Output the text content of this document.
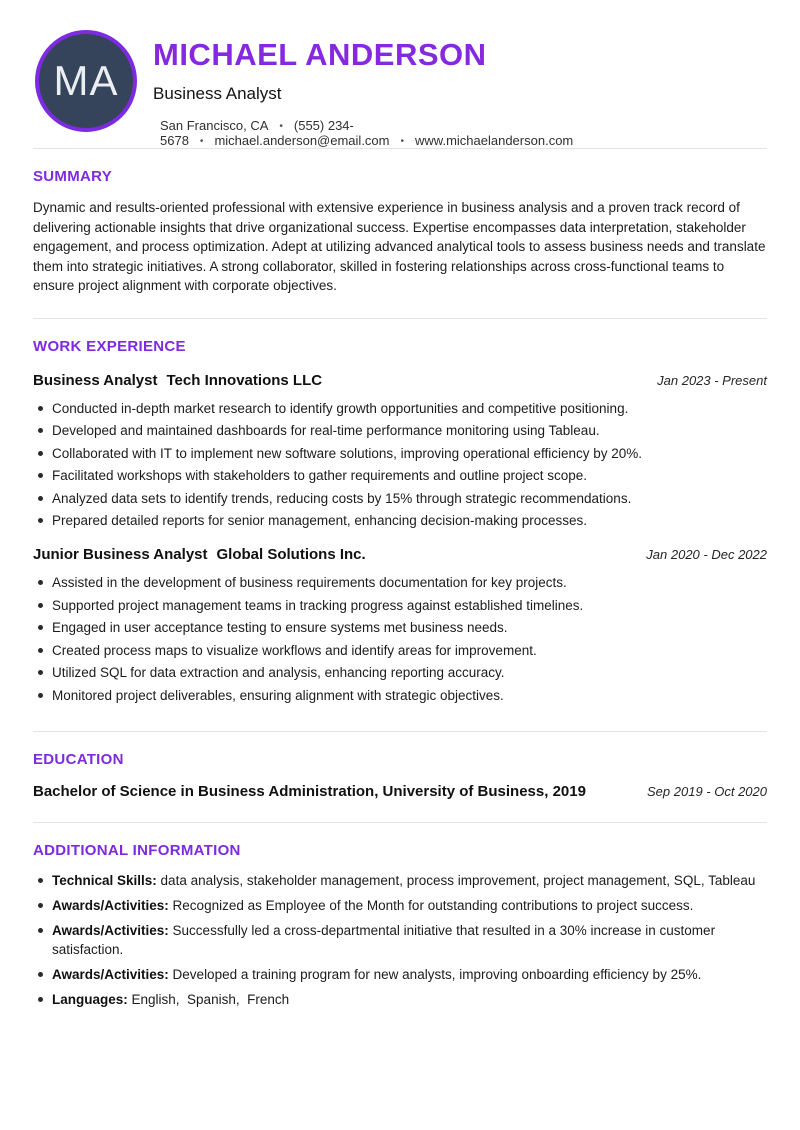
MA
MICHAEL ANDERSON
Business Analyst
San Francisco, CA • (555) 234-5678 • michael.anderson@email.com • www.michaelanderson.com
SUMMARY

Dynamic and results-oriented professional with extensive experience in business analysis and a proven track record of delivering actionable insights that drive organizational success. Expertise encompasses data interpretation, stakeholder engagement, and process optimization. Adept at utilizing advanced analytical tools to assess business needs and translate them into strategic initiatives. A strong collaborator, skilled in fostering relationships across cross-functional teams to ensure project alignment with corporate objectives.

WORK EXPERIENCE
Business Analyst Tech Innovations LLC	Jan 2023 - Present
Conducted in-depth market research to identify growth opportunities and competitive positioning.
Developed and maintained dashboards for real-time performance monitoring using Tableau.
Collaborated with IT to implement new software solutions, improving operational efficiency by 20%.
Facilitated workshops with stakeholders to gather requirements and outline project scope.
Analyzed data sets to identify trends, reducing costs by 15% through strategic recommendations.
Prepared detailed reports for senior management, enhancing decision-making processes.
Junior Business Analyst Global Solutions Inc.	Jan 2020 - Dec 2022
Assisted in the development of business requirements documentation for key projects.
Supported project management teams in tracking progress against established timelines.
Engaged in user acceptance testing to ensure systems met business needs.
Created process maps to visualize workflows and identify areas for improvement.
Utilized SQL for data extraction and analysis, enhancing reporting accuracy.
Monitored project deliverables, ensuring alignment with strategic objectives.
EDUCATION
Bachelor of Science in Business Administration, University of Business, 2019	Sep 2019 - Oct 2020
ADDITIONAL INFORMATION
Technical Skills: data analysis, stakeholder management, process improvement, project management, SQL, Tableau
Awards/Activities: Recognized as Employee of the Month for outstanding contributions to project success.
Awards/Activities: Successfully led a cross-departmental initiative that resulted in a 30% increase in customer satisfaction.
Awards/Activities: Developed a training program for new analysts, improving onboarding efficiency by 25%.
Languages: English,  Spanish,  French
